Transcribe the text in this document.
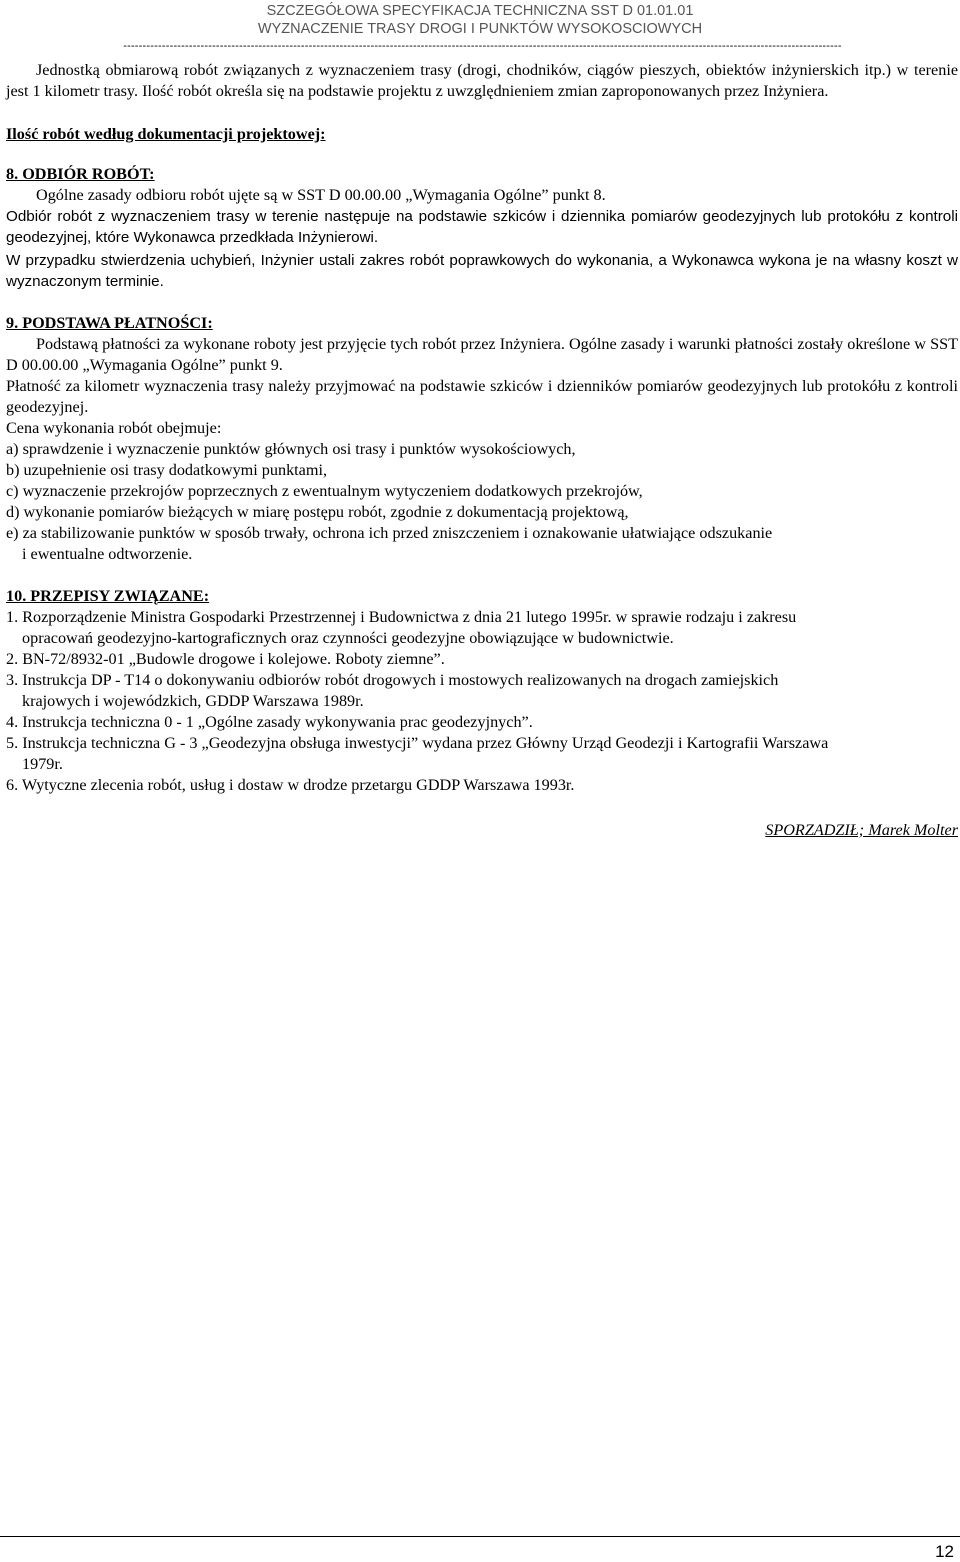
SZCZEGÓŁOWA SPECYFIKACJA TECHNICZNA SST D 01.01.01
WYZNACZENIE TRASY DROGI I PUNKTÓW WYSOKOSCIOWYCH
------------------------------------------------------------------------------------------------------------------------------------------------------------------------------------------

Jednostką obmiarową robót związanych z wyznaczeniem trasy (drogi, chodników, ciągów pieszych, obiektów inżynierskich itp.) w terenie jest 1 kilometr trasy. Ilość robót określa się na podstawie projektu z uwzględnieniem zmian zaproponowanych przez Inżyniera.

Ilość robót według dokumentacji projektowej:
8. ODBIÓR ROBÓT:

Ogólne zasady odbioru robót ujęte są w SST D 00.00.00 „Wymagania Ogólne” punkt 8.

Odbiór robót z wyznaczeniem trasy w terenie następuje na podstawie szkiców i dziennika pomiarów geodezyjnych lub protokółu z kontroli geodezyjnej, które Wykonawca przedkłada Inżynierowi.

W przypadku stwierdzenia uchybień, Inżynier ustali zakres robót poprawkowych do wykonania, a Wykonawca wykona je na własny koszt w wyznaczonym terminie.

9. PODSTAWA PŁATNOŚCI:

Podstawą płatności za wykonane roboty jest przyjęcie tych robót przez Inżyniera. Ogólne zasady i warunki płatności zostały określone w SST D 00.00.00 „Wymagania Ogólne” punkt 9.

Płatność za kilometr wyznaczenia trasy należy przyjmować na podstawie szkiców i dzienników pomiarów geodezyjnych lub protokółu z kontroli geodezyjnej.

Cena wykonania robót obejmuje:

a) sprawdzenie i wyznaczenie punktów głównych osi trasy i punktów wysokościowych,
b) uzupełnienie osi trasy dodatkowymi punktami,
c) wyznaczenie przekrojów poprzecznych z ewentualnym wytyczeniem dodatkowych przekrojów,
d) wykonanie pomiarów bieżących w miarę postępu robót, zgodnie z dokumentacją projektową,
e) za stabilizowanie punktów w sposób trwały, ochrona ich przed zniszczeniem i oznakowanie ułatwiające odszukanie
i ewentualne odtworzenie.
10. PRZEPISY ZWIĄZANE:
1. Rozporządzenie Ministra Gospodarki Przestrzennej i Budownictwa z dnia 21 lutego 1995r. w sprawie rodzaju i zakresu
opracowań geodezyjno-kartograficznych oraz czynności geodezyjne obowiązujące w budownictwie.
2. BN-72/8932-01 „Budowle drogowe i kolejowe. Roboty ziemne”.
3. Instrukcja DP - T14 o dokonywaniu odbiorów robót drogowych i mostowych realizowanych na drogach zamiejskich
krajowych i wojewódzkich, GDDP Warszawa 1989r.
4. Instrukcja techniczna 0 - 1 „Ogólne zasady wykonywania prac geodezyjnych”.
5. Instrukcja techniczna G - 3 „Geodezyjna obsługa inwestycji” wydana przez Główny Urząd Geodezji i Kartografii Warszawa
1979r.
6. Wytyczne zlecenia robót, usług i dostaw w drodze przetargu GDDP Warszawa 1993r.
SPORZADZIŁ; Marek Molter
12
